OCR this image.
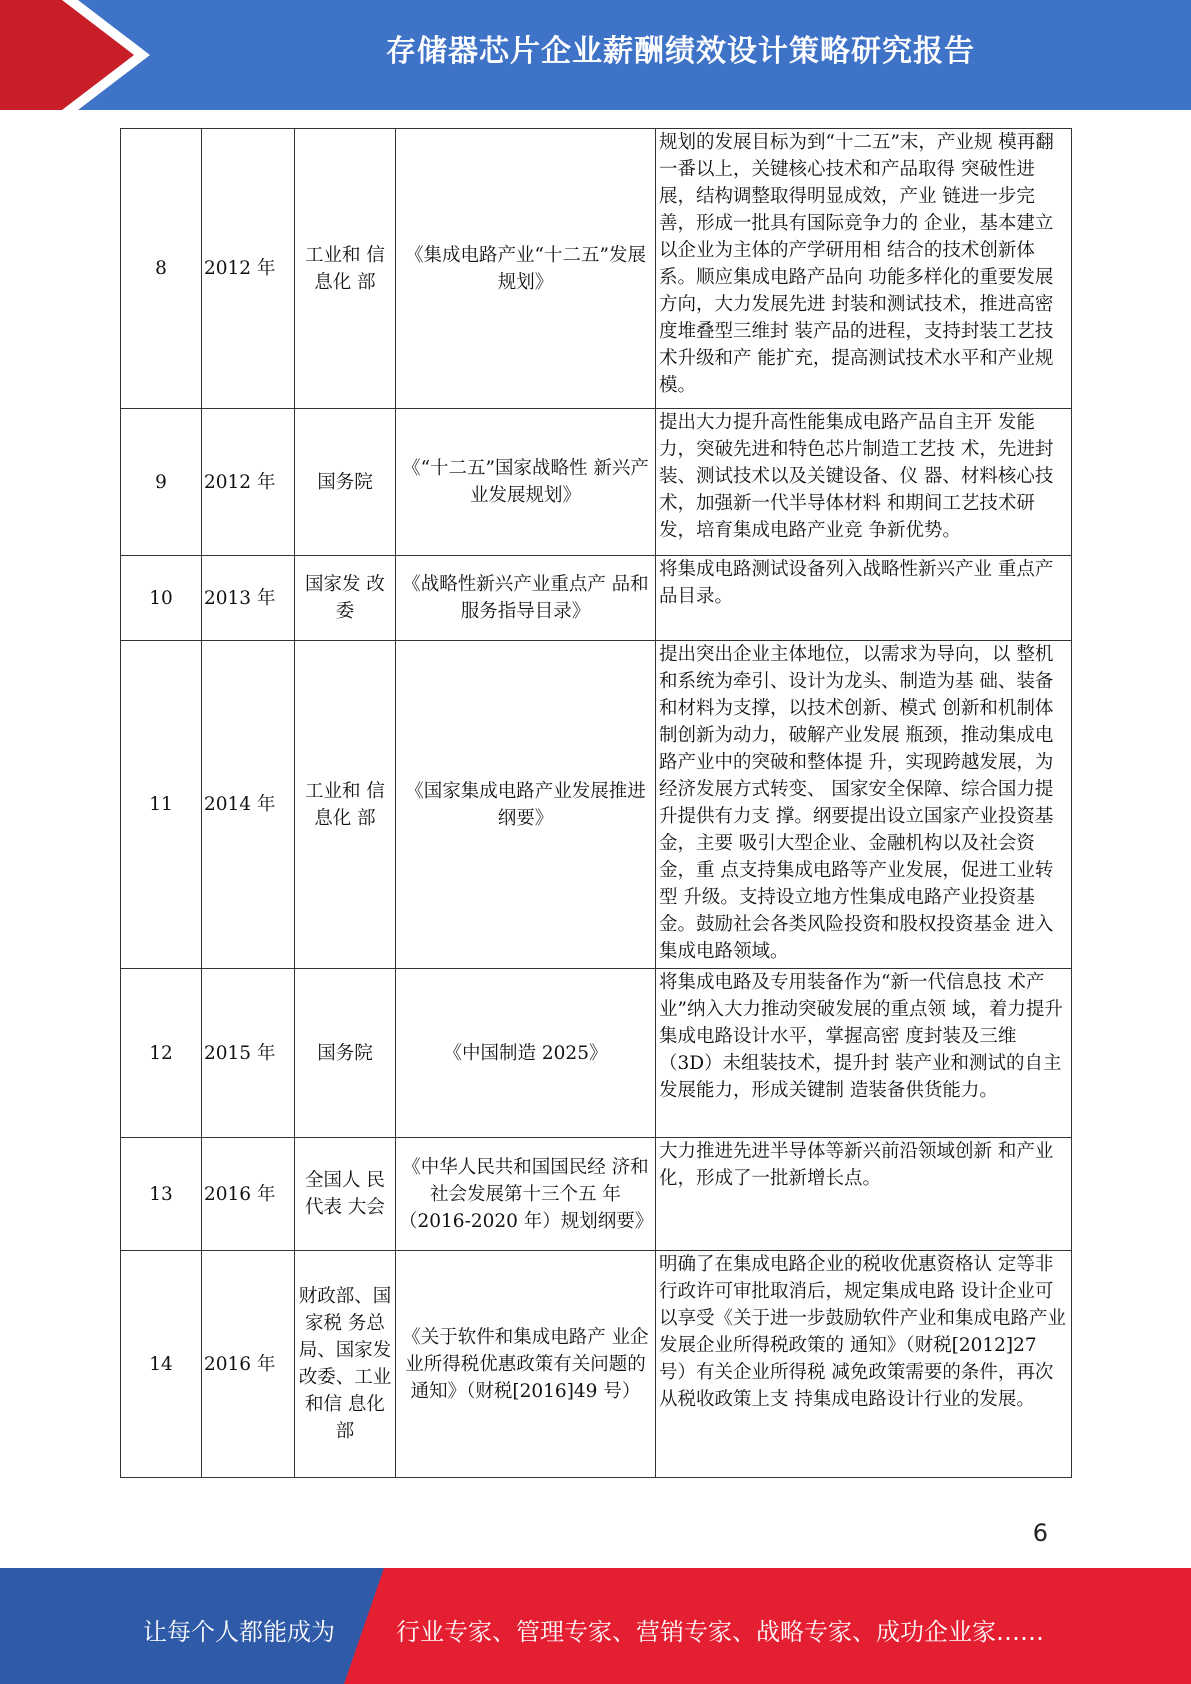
存储器芯片企业薪酬绩效设计策略研究报告
8	2012 年	工业和 信息化 部	《集成电路产业“十二五”发展规划》	规划的发展目标为到“十二五”末，产业规 模再翻一番以上，关键核心技术和产品取得 突破性进展，结构调整取得明显成效，产业 链进一步完善，形成一批具有国际竞争力的 企业，基本建立以企业为主体的产学研用相 结合的技术创新体系。顺应集成电路产品向 功能多样化的重要发展方向，大力发展先进 封装和测试技术，推进高密度堆叠型三维封 装产品的进程，支持封装工艺技术升级和产 能扩充，提高测试技术水平和产业规模。
9	2012 年	国务院	《“十二五”国家战略性 新兴产业发展规划》	提出大力提升高性能集成电路产品自主开 发能力，突破先进和特色芯片制造工艺技 术，先进封装、测试技术以及关键设备、仪 器、材料核心技术，加强新一代半导体材料 和期间工艺技术研发，培育集成电路产业竞 争新优势。
10	2013 年	国家发 改委	《战略性新兴产业重点产 品和服务指导目录》	将集成电路测试设备列入战略性新兴产业 重点产品目录。
11	2014 年	工业和 信息化 部	《国家集成电路产业发展推进纲要》	提出突出企业主体地位，以需求为导向，以 整机和系统为牵引、设计为龙头、制造为基 础、装备和材料为支撑，以技术创新、模式 创新和机制体制创新为动力，破解产业发展 瓶颈，推动集成电路产业中的突破和整体提 升，实现跨越发展，为经济发展方式转变、 国家安全保障、综合国力提升提供有力支 撑。纲要提出设立国家产业投资基金，主要 吸引大型企业、金融机构以及社会资金，重 点支持集成电路等产业发展，促进工业转型 升级。支持设立地方性集成电路产业投资基 金。鼓励社会各类风险投资和股权投资基金 进入集成电路领域。
12	2015 年	国务院	《中国制造 2025》	将集成电路及专用装备作为“新一代信息技 术产业”纳入大力推动突破发展的重点领 域，着力提升集成电路设计水平，掌握高密 度封装及三维（3D）未组装技术，提升封 装产业和测试的自主发展能力，形成关键制 造装备供货能力。
13	2016 年	全国人 民代表 大会	《中华人民共和国国民经 济和社会发展第十三个五 年（2016-2020 年）规划纲要》	大力推进先进半导体等新兴前沿领域创新 和产业化，形成了一批新增长点。
14	2016 年	财政部、国家税 务总局、国家发 改委、工业和信 息化部	《关于软件和集成电路产 业企业所得税优惠政策有关问题的通知》（财税[2016]49 号）	明确了在集成电路企业的税收优惠资格认 定等非行政许可审批取消后，规定集成电路 设计企业可以享受《关于进一步鼓励软件产业和集成电路产业发展企业所得税政策的 通知》（财税[2012]27 号）有关企业所得税 减免政策需要的条件，再次从税收政策上支 持集成电路设计行业的发展。
6
让每个人都能成为	行业专家、管理专家、营销专家、战略专家、成功企业家……
